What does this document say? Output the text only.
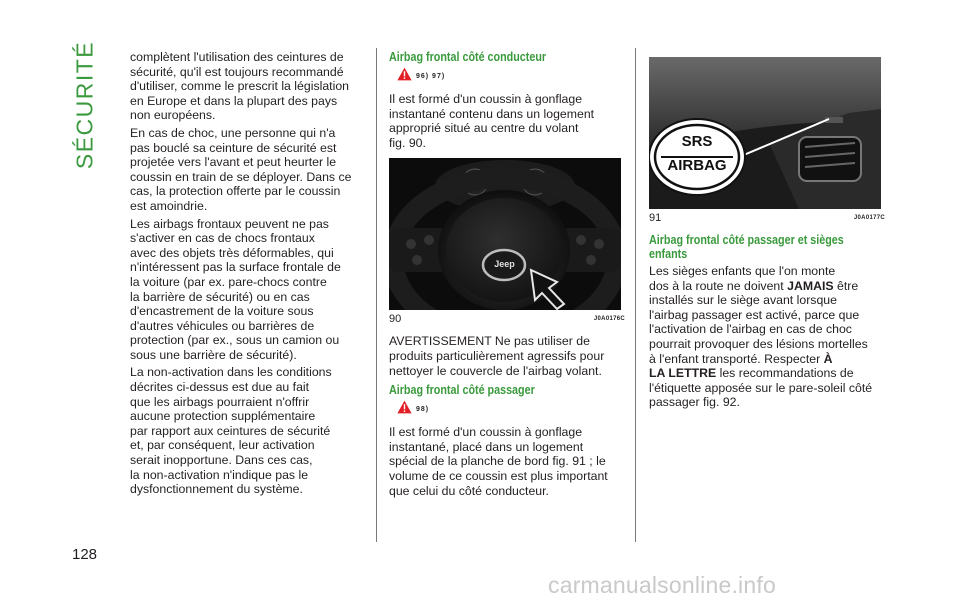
SÉCURITÉ	complètent l'utilisation des ceintures de
sécurité, qu'il est toujours recommandé
d'utiliser, comme le prescrit la législation
en Europe et dans la plupart des pays
non européens.

En cas de choc, une personne qui n'a
pas bouclé sa ceinture de sécurité est
projetée vers l'avant et peut heurter le
coussin en train de se déployer. Dans ce
cas, la protection offerte par le coussin
est amoindrie.

Les airbags frontaux peuvent ne pas
s'activer en cas de chocs frontaux
avec des objets très déformables, qui
n'intéressent pas la surface frontale de
la voiture (par ex. pare-chocs contre
la barrière de sécurité) ou en cas
d'encastrement de la voiture sous
d'autres véhicules ou barrières de
protection (par ex., sous un camion ou
sous une barrière de sécurité).

La non-activation dans les conditions
décrites ci-dessus est due au fait
que les airbags pourraient n'offrir
aucune protection supplémentaire
par rapport aux ceintures de sécurité
et, par conséquent, leur activation
serait inopportune. Dans ces cas,
la non-activation n'indique pas le
dysfonctionnement du système.

Airbag frontal côté conducteur
96) 97)

Il est formé d'un coussin à gonflage
instantané contenu dans un logement
approprié situé au centre du volant
fig. 90.

Jeep
90	J0A0176C

AVERTISSEMENT Ne pas utiliser de
produits particulièrement agressifs pour
nettoyer le couvercle de l'airbag volant.

Airbag frontal côté passager
98)

Il est formé d'un coussin à gonflage
instantané, placé dans un logement
spécial de la planche de bord fig. 91 ; le
volume de ce coussin est plus important
que celui du côté conducteur.

SRS
AIRBAG
91	J0A0177C
Airbag frontal côté passager et sièges
enfants

Les sièges enfants que l'on monte
dos à la route ne doivent JAMAIS être
installés sur le siège avant lorsque
l'airbag passager est activé, parce que
l'activation de l'airbag en cas de choc
pourrait provoquer des lésions mortelles
à l'enfant transporté. Respecter À
LA LETTRE les recommandations de
l'étiquette apposée sur le pare-soleil côté
passager fig. 92.

128
carmanualsonline.info
